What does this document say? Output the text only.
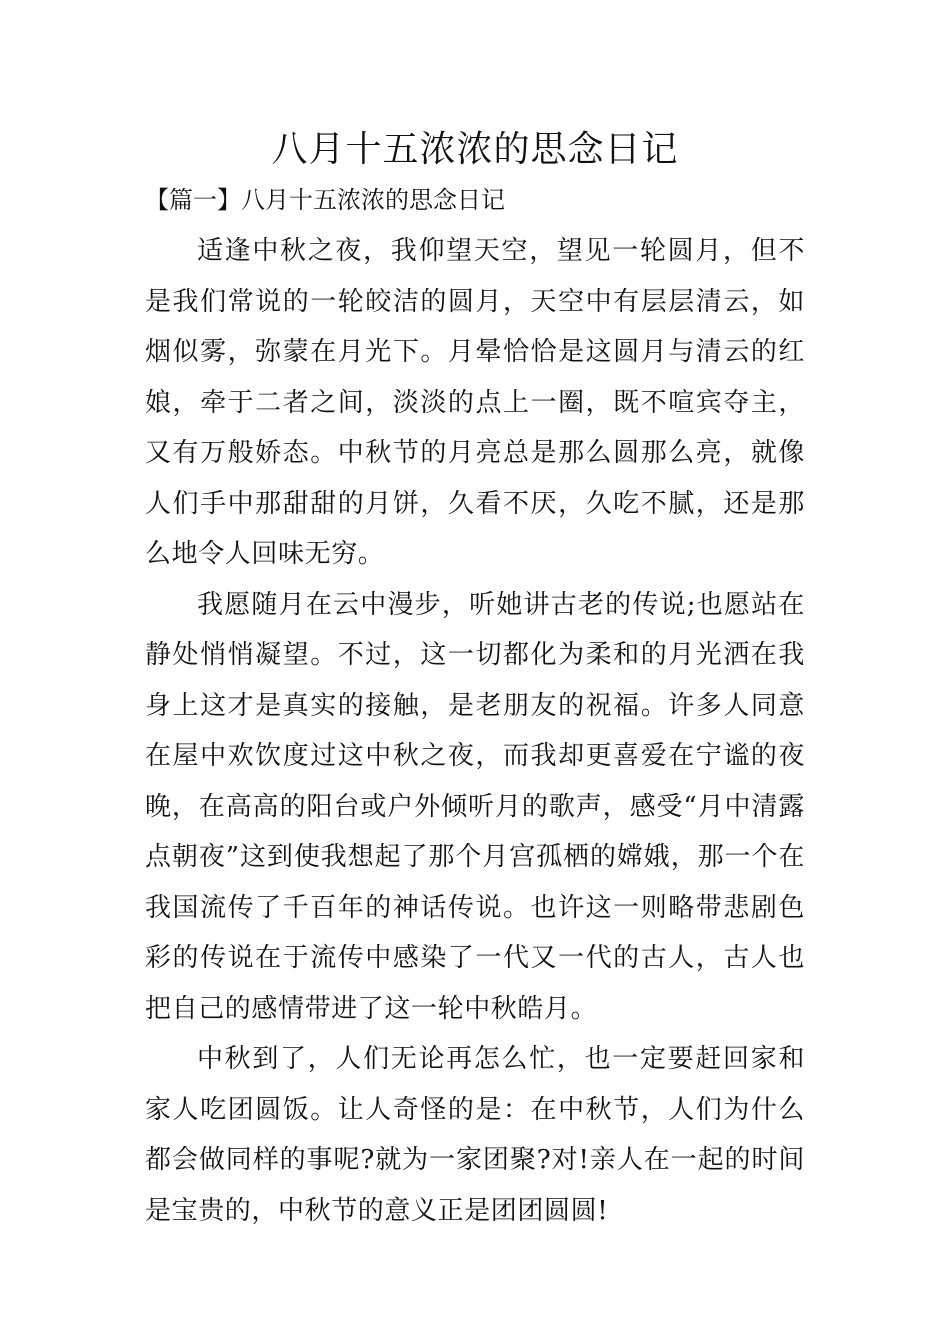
八月十五浓浓的思念日记
【篇一】八月十五浓浓的思念日记

适逢中秋之夜，我仰望天空，望见一轮圆月，但不是我们常说的一轮皎洁的圆月，天空中有层层清云，如烟似雾，弥蒙在月光下。月晕恰恰是这圆月与清云的红娘，牵于二者之间，淡淡的点上一圈，既不喧宾夺主，又有万般娇态。中秋节的月亮总是那么圆那么亮，就像人们手中那甜甜的月饼，久看不厌，久吃不腻，还是那么地令人回味无穷。

我愿随月在云中漫步，听她讲古老的传说;也愿站在静处悄悄凝望。不过，这一切都化为柔和的月光洒在我身上这才是真实的接触，是老朋友的祝福。许多人同意在屋中欢饮度过这中秋之夜，而我却更喜爱在宁谧的夜晚，在高高的阳台或户外倾听月的歌声，感受“月中清露点朝夜”这到使我想起了那个月宫孤栖的嫦娥，那一个在我国流传了千百年的神话传说。也许这一则略带悲剧色彩的传说在于流传中感染了一代又一代的古人，古人也把自己的感情带进了这一轮中秋皓月。

中秋到了，人们无论再怎么忙，也一定要赶回家和家人吃团圆饭。让人奇怪的是：在中秋节，人们为什么都会做同样的事呢?就为一家团聚?对!亲人在一起的时间是宝贵的，中秋节的意义正是团团圆圆!
